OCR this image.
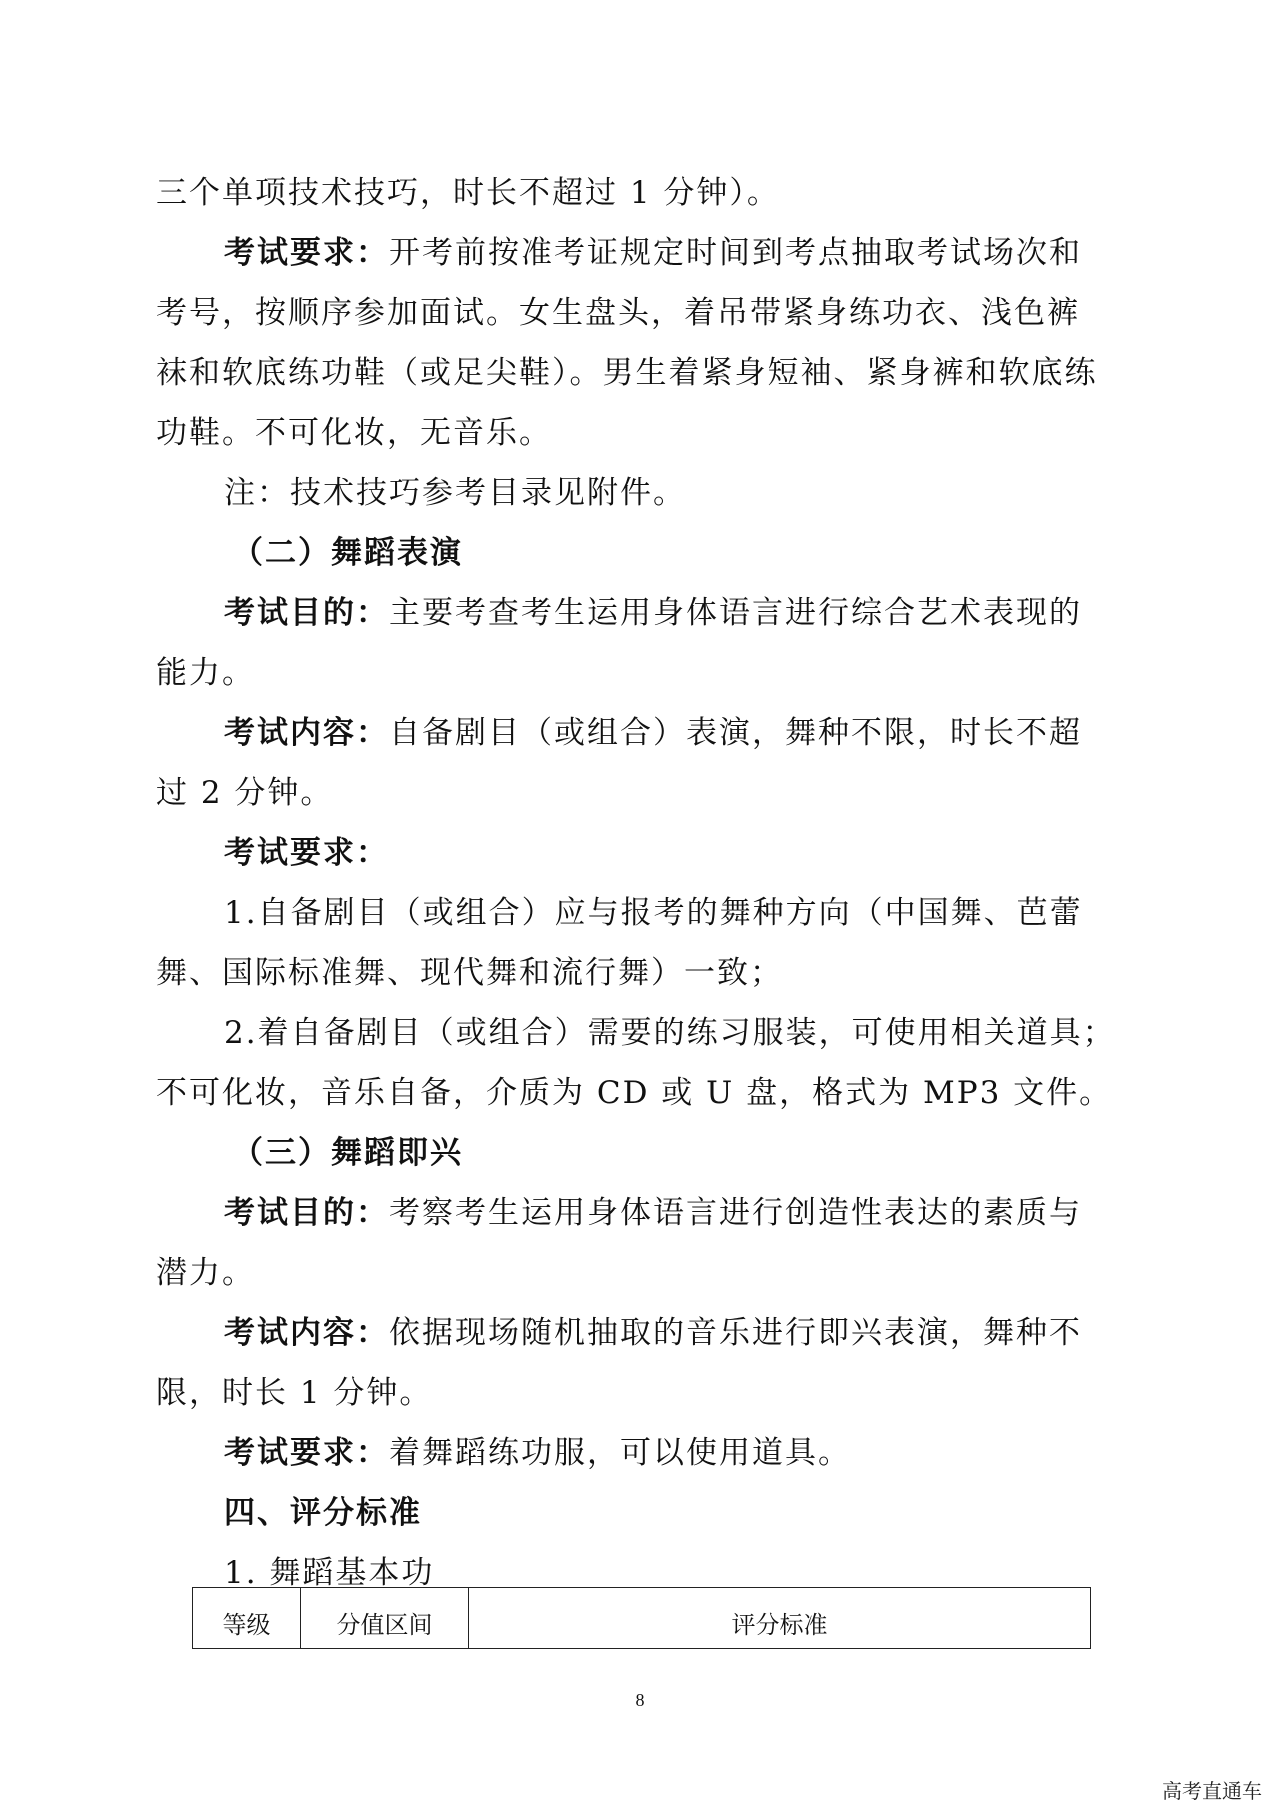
三个单项技术技巧，时长不超过 1 分钟）。

考试要求：开考前按准考证规定时间到考点抽取考试场次和

考号，按顺序参加面试。女生盘头，着吊带紧身练功衣、浅色裤

袜和软底练功鞋（或足尖鞋）。男生着紧身短袖、紧身裤和软底练

功鞋。不可化妆，无音乐。

注：技术技巧参考目录见附件。

（二）舞蹈表演

考试目的：主要考查考生运用身体语言进行综合艺术表现的

能力。

考试内容：自备剧目（或组合）表演，舞种不限，时长不超

过 2 分钟。

考试要求：

1.自备剧目（或组合）应与报考的舞种方向（中国舞、芭蕾

舞、国际标准舞、现代舞和流行舞）一致；

2.着自备剧目（或组合）需要的练习服装，可使用相关道具；

不可化妆，音乐自备，介质为 CD 或 U 盘，格式为 MP3 文件。

（三）舞蹈即兴

考试目的：考察考生运用身体语言进行创造性表达的素质与

潜力。

考试内容：依据现场随机抽取的音乐进行即兴表演，舞种不

限，时长 1 分钟。

考试要求：着舞蹈练功服，可以使用道具。

四、评分标准

1. 舞蹈基本功

等级	分值区间	评分标准
8
高考直通车
